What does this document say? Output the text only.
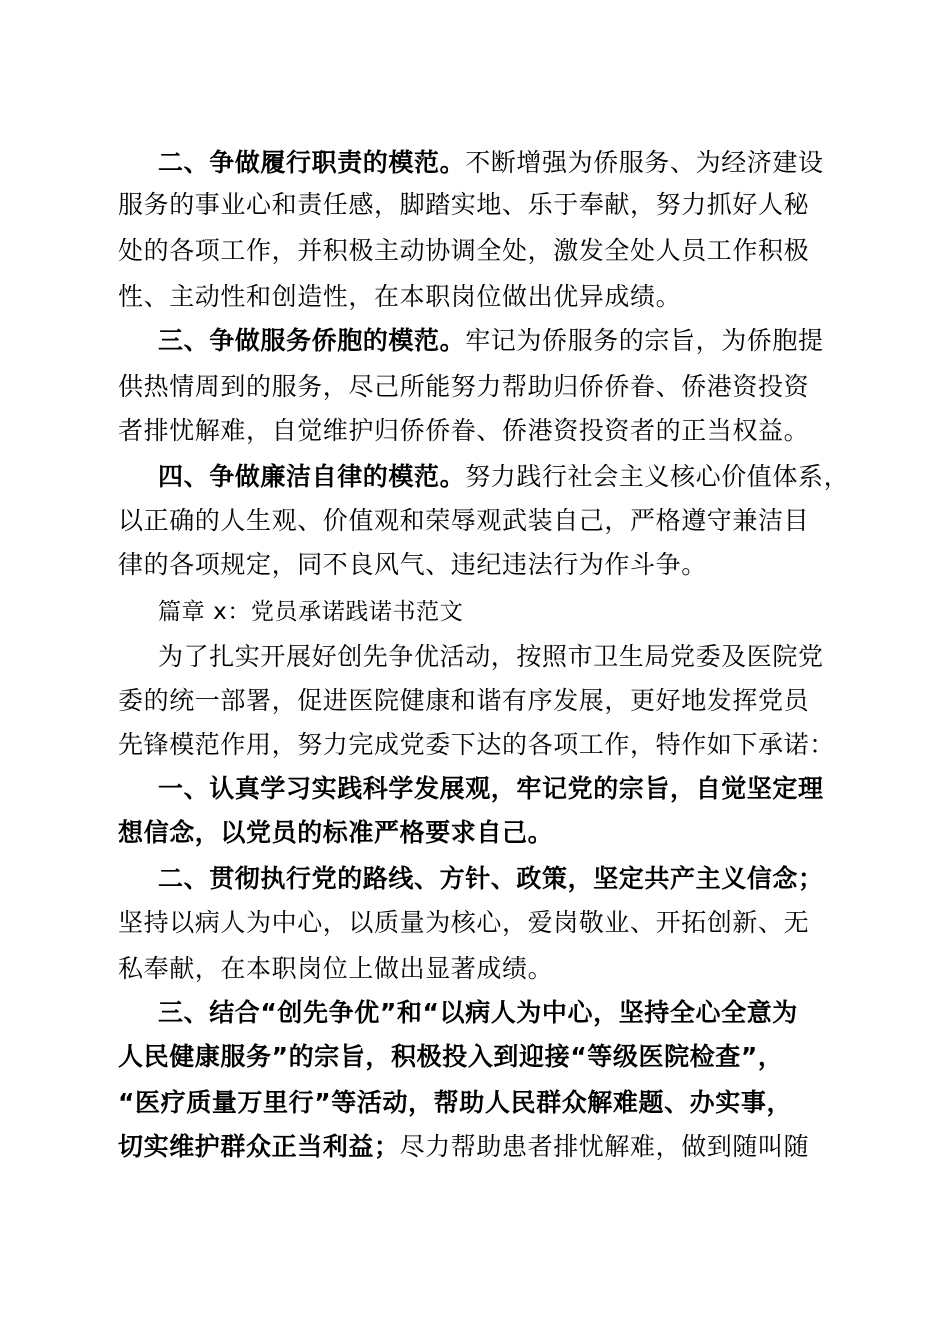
二、争做履行职责的模范。不断增强为侨服务、为经济建设
服务的事业心和责任感，脚踏实地、乐于奉献，努力抓好人秘
处的各项工作，并积极主动协调全处，激发全处人员工作积极
性、主动性和创造性，在本职岗位做出优异成绩。
三、争做服务侨胞的模范。牢记为侨服务的宗旨，为侨胞提
供热情周到的服务，尽己所能努力帮助归侨侨眷、侨港资投资
者排忧解难，自觉维护归侨侨眷、侨港资投资者的正当权益。
四、争做廉洁自律的模范。努力践行社会主义核心价值体系，
以正确的人生观、价值观和荣辱观武装自己，严格遵守兼洁目
律的各项规定，同不良风气、违纪违法行为作斗争。
篇章 x：党员承诺践诺书范文
为了扎实开展好创先争优活动，按照市卫生局党委及医院党
委的统一部署，促进医院健康和谐有序发展，更好地发挥党员
先锋模范作用，努力完成党委下达的各项工作，特作如下承诺：
一、认真学习实践科学发展观，牢记党的宗旨，自觉坚定理
想信念，以党员的标准严格要求自己。
二、贯彻执行党的路线、方针、政策，坚定共产主义信念；
坚持以病人为中心，以质量为核心，爱岗敬业、开拓创新、无
私奉献，在本职岗位上做出显著成绩。
三、结合“创先争优”和“以病人为中心，坚持全心全意为
人民健康服务”的宗旨，积极投入到迎接“等级医院检查”，
“医疗质量万里行”等活动，帮助人民群众解难题、办实事，
切实维护群众正当利益；尽力帮助患者排忧解难，做到随叫随
